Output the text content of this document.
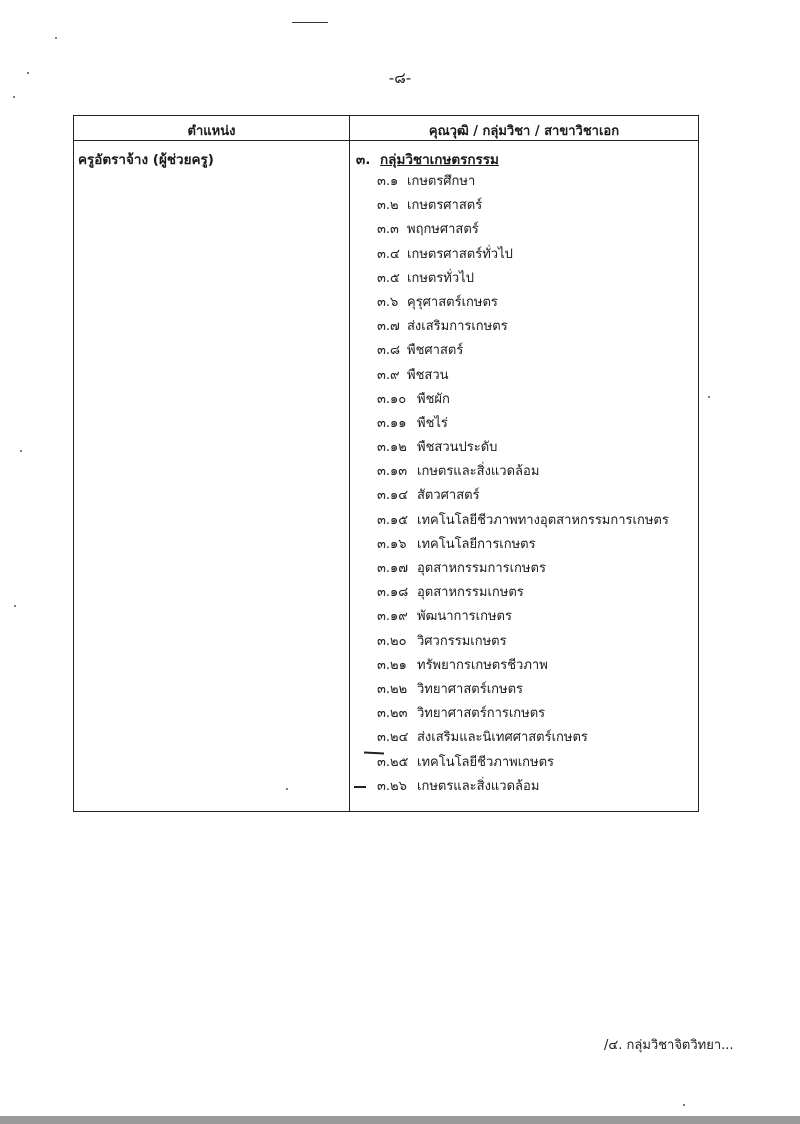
-๘-
ตำแหน่ง	คุณวุฒิ / กลุ่มวิชา / สาขาวิชาเอก
ครูอัตราจ้าง (ผู้ช่วยครู)	๓. กลุ่มวิชาเกษตรกรรม
๓.๑ เกษตรศึกษา
๓.๒ เกษตรศาสตร์
๓.๓ พฤกษศาสตร์
๓.๔ เกษตรศาสตร์ทั่วไป
๓.๕ เกษตรทั่วไป
๓.๖ คุรุศาสตร์เกษตร
๓.๗ ส่งเสริมการเกษตร
๓.๘ พืชศาสตร์
๓.๙ พืชสวน
๓.๑๐ พืชผัก
๓.๑๑ พืชไร่
๓.๑๒ พืชสวนประดับ
๓.๑๓ เกษตรและสิ่งแวดล้อม
๓.๑๔ สัตวศาสตร์
๓.๑๕ เทคโนโลยีชีวภาพทางอุตสาหกรรมการเกษตร
๓.๑๖ เทคโนโลยีการเกษตร
๓.๑๗ อุตสาหกรรมการเกษตร
๓.๑๘ อุตสาหกรรมเกษตร
๓.๑๙ พัฒนาการเกษตร
๓.๒๐ วิศวกรรมเกษตร
๓.๒๑ ทรัพยากรเกษตรชีวภาพ
๓.๒๒ วิทยาศาสตร์เกษตร
๓.๒๓ วิทยาศาสตร์การเกษตร
๓.๒๔ ส่งเสริมและนิเทศศาสตร์เกษตร
๓.๒๕ เทคโนโลยีชีวภาพเกษตร
๓.๒๖ เกษตรและสิ่งแวดล้อม
/๔. กลุ่มวิชาจิตวิทยา...
